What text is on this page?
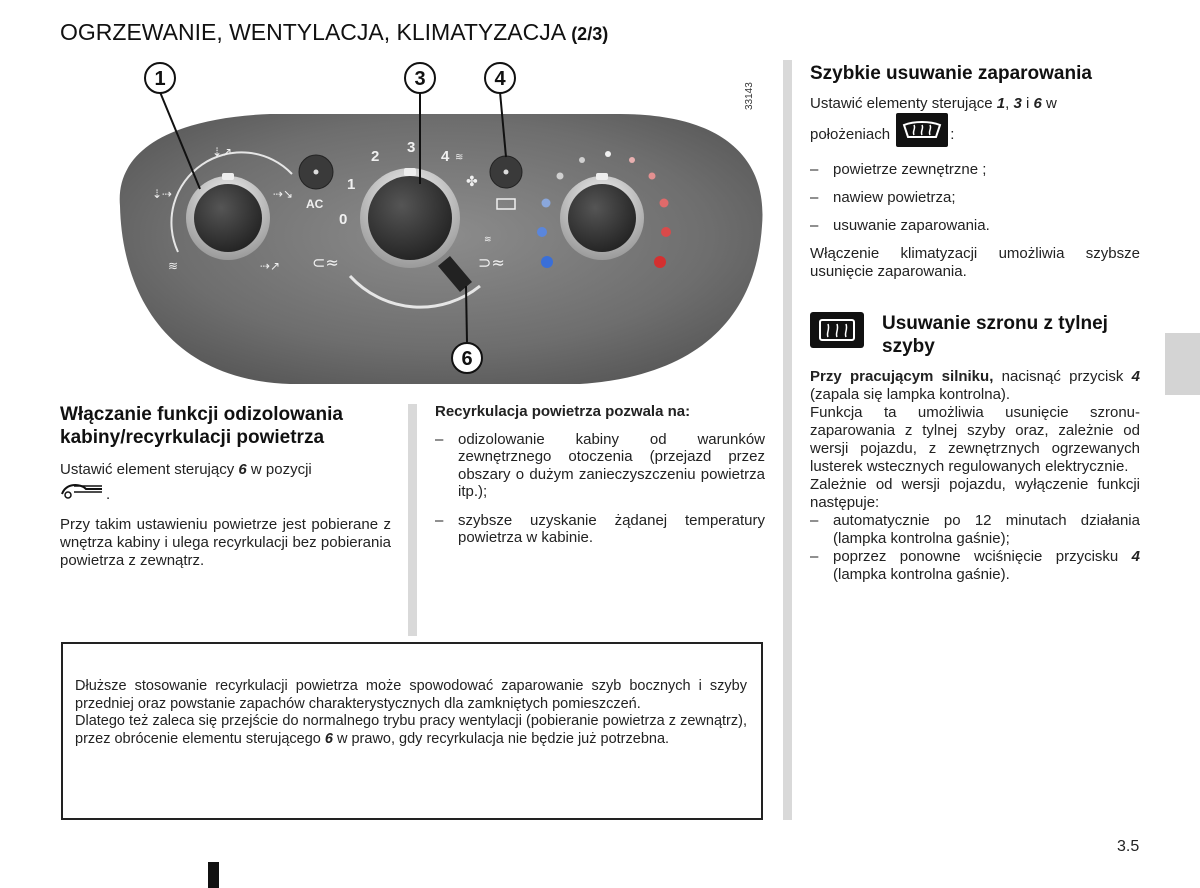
OGRZEWANIE, WENTYLACJA, KLIMATYZACJA (2/3)
⇣⇢
⇣↗
⇢↘
⇢↗
≋
AC
0
1
2
3
4 ≋
✤
⊂≈	⊃≈
≋
1	3	4
6
33143
Włączanie funkcji odizolowania kabiny/recyrkulacji powietrza

Ustawić element sterujący 6 w pozycji
.

Przy takim ustawieniu powietrze jest pobierane z wnętrza kabiny i ulega recyrkulacji bez pobierania powietrza z zewnątrz.

Recyrkulacja powietrza pozwala na:

– odizolowanie kabiny od warunków zewnętrznego otoczenia (przejazd przez obszary o dużym zanieczyszczeniu powietrza itp.);
– szybsze uzyskanie żądanej temperatury powietrza w kabinie.

Dłuższe stosowanie recyrkulacji powietrza może spowodować zaparowanie szyb bocznych i szyby przedniej oraz powstanie zapachów charakterystycznych dla zamkniętych pomieszczeń.

Dlatego też zaleca się przejście do normalnego trybu pracy wentylacji (pobieranie powietrza z zewnątrz), przez obrócenie elementu sterującego 6 w prawo, gdy recyrkulacja nie będzie już potrzebna.

Szybkie usuwanie zaparowania

Ustawić elementy sterujące 1, 3 i 6 w położeniach	:

– powietrze zewnętrzne ;
– nawiew powietrza;
– usuwanie zaparowania.

Włączenie klimatyzacji umożliwia szybsze usunięcie zaparowania.

Usuwanie szronu z tylnej szyby

Przy pracującym silniku, nacisnąć przycisk 4 (zapala się lampka kontrolna).

Funkcja ta umożliwia usunięcie szronu-zaparowania z tylnej szyby oraz, zależnie od wersji pojazdu, z zewnętrznych ogrzewanych lusterek wstecznych regulowanych elektrycznie.

Zależnie od wersji pojazdu, wyłączenie funkcji następuje:

– automatycznie po 12 minutach działania (lampka kontrolna gaśnie);
– poprzez ponowne wciśnięcie przycisku 4 (lampka kontrolna gaśnie).
3.5
